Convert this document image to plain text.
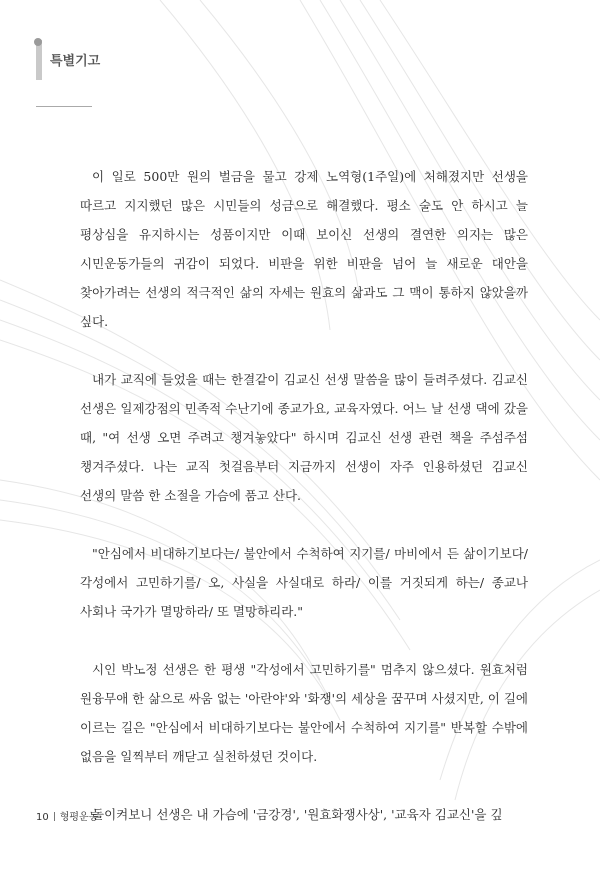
특별기고

이 일로 500만 원의 벌금을 물고 강제 노역형(1주일)에 처해졌지만 선생을 따르고 지지했던 많은 시민들의 성금으로 해결했다. 평소 술도 안 하시고 늘 평상심을 유지하시는 성품이지만 이때 보이신 선생의 결연한 의지는 많은 시민운동가들의 귀감이 되었다. 비판을 위한 비판을 넘어 늘 새로운 대안을 찾아가려는 선생의 적극적인 삶의 자세는 원효의 삶과도 그 맥이 통하지 않았을까 싶다.

내가 교직에 들었을 때는 한결같이 김교신 선생 말씀을 많이 들려주셨다. 김교신 선생은 일제강점의 민족적 수난기에 종교가요, 교육자였다. 어느 날 선생 댁에 갔을 때, "여 선생 오면 주려고 챙겨놓았다" 하시며 김교신 선생 관련 책을 주섬주섬 챙겨주셨다. 나는 교직 첫걸음부터 지금까지 선생이 자주 인용하셨던 김교신 선생의 말씀 한 소절을 가슴에 품고 산다.

"안심에서 비대하기보다는/ 불안에서 수척하여 지기를/ 마비에서 든 삶이기보다/ 각성에서 고민하기를/ 오, 사실을 사실대로 하라/ 이를 거짓되게 하는/ 종교나 사회나 국가가 멸망하라/ 또 멸망하리라."

시인 박노정 선생은 한 평생 "각성에서 고민하기를" 멈추지 않으셨다. 원효처럼 원융무애 한 삶으로 싸움 없는 '아란야'와 '화쟁'의 세상을 꿈꾸며 사셨지만, 이 길에 이르는 길은 "안심에서 비대하기보다는 불안에서 수척하여 지기를" 반복할 수밖에 없음을 일찍부터 깨닫고 실천하셨던 것이다.

돌이켜보니 선생은 내 가슴에 '금강경', '원효화쟁사상', '교육자 김교신'을 깊

10 형평운동
